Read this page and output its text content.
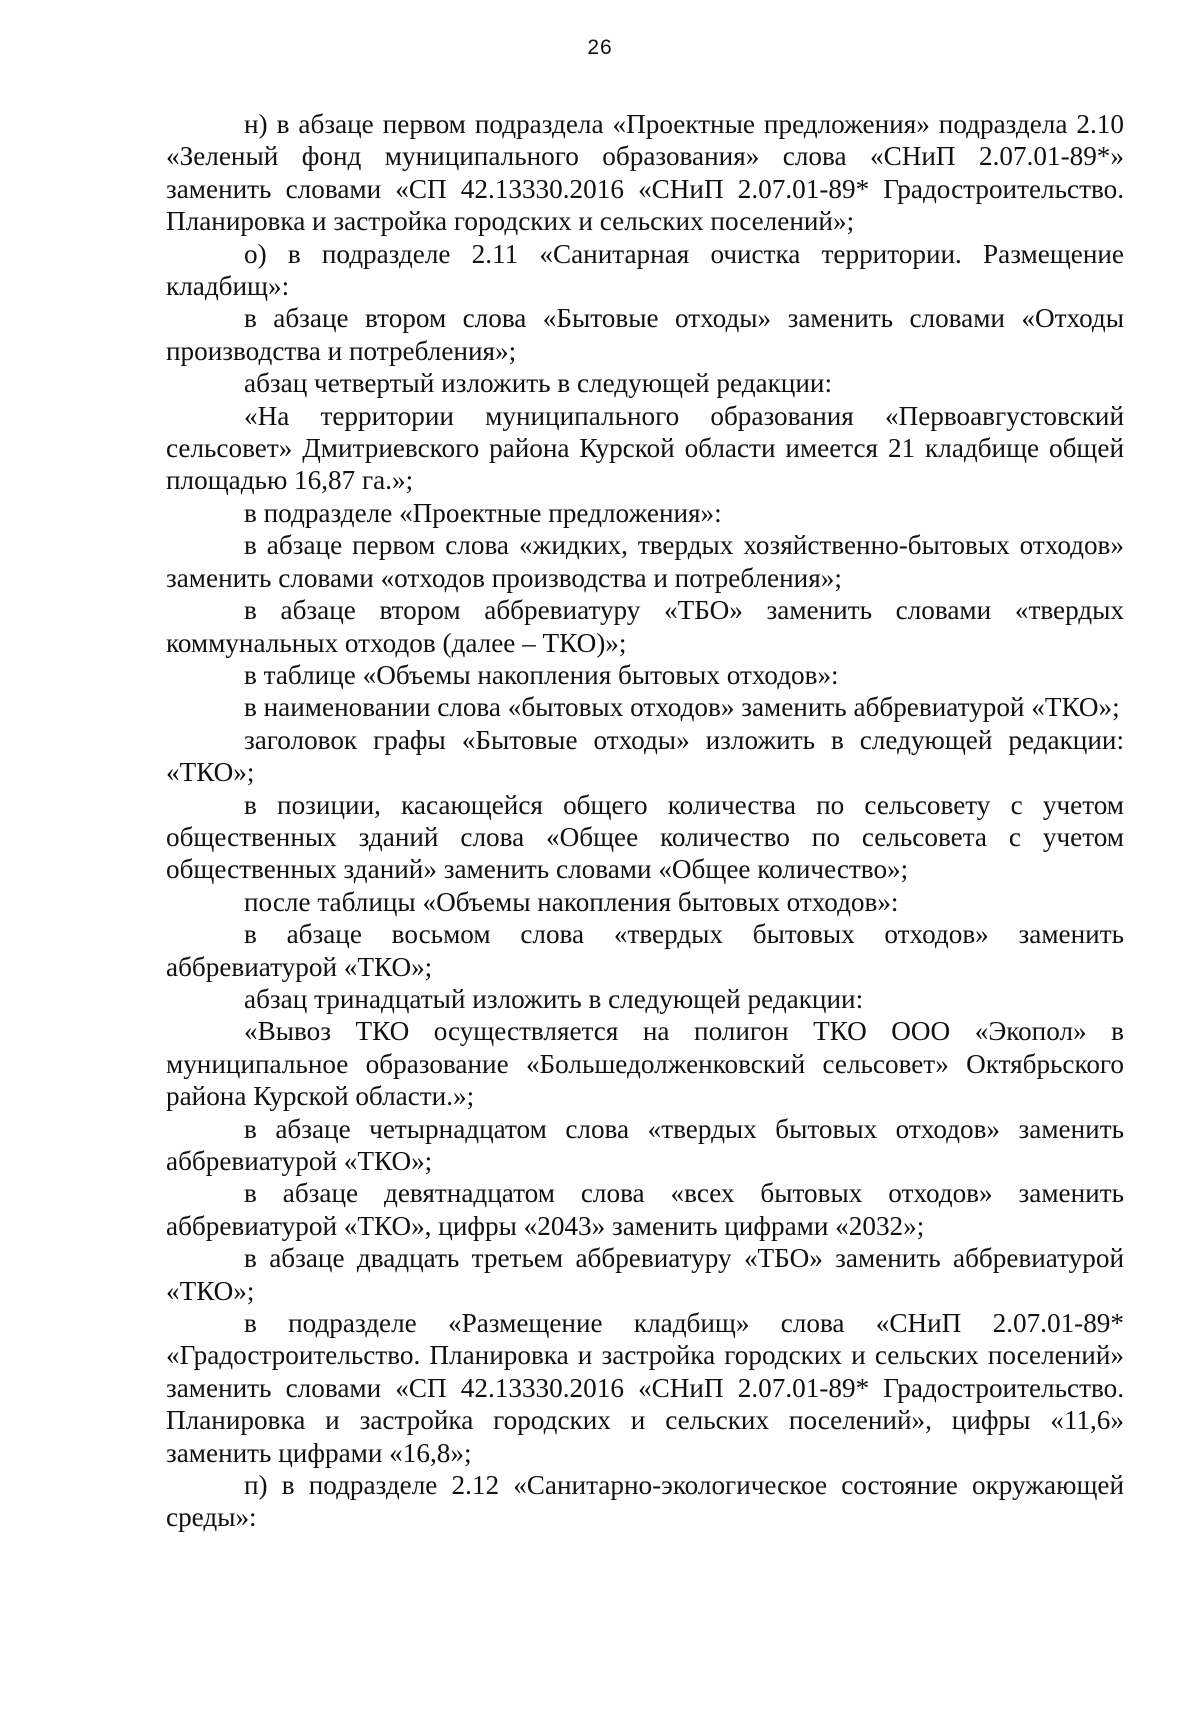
26

н) в абзаце первом подраздела «Проектные предложения» подраздела 2.10 «Зеленый фонд муниципального образования» слова «СНиП 2.07.01-89*» заменить словами «СП 42.13330.2016 «СНиП 2.07.01-89* Градостроительство. Планировка и застройка городских и сельских поселений»;

о) в подразделе 2.11 «Санитарная очистка территории. Размещение кладбищ»:

в абзаце втором слова «Бытовые отходы» заменить словами «Отходы производства и потребления»;

абзац четвертый изложить в следующей редакции:

«На территории муниципального образования «Первоавгустовский сельсовет» Дмитриевского района Курской области имеется 21 кладбище общей площадью 16,87 га.»;

в подразделе «Проектные предложения»:

в абзаце первом слова «жидких, твердых хозяйственно-бытовых отходов» заменить словами «отходов производства и потребления»;

в абзаце втором аббревиатуру «ТБО» заменить словами «твердых коммунальных отходов (далее – ТКО)»;

в таблице «Объемы накопления бытовых отходов»:

в наименовании слова «бытовых отходов» заменить аббревиатурой «ТКО»;

заголовок графы «Бытовые отходы» изложить в следующей редакции: «ТКО»;

в позиции, касающейся общего количества по сельсовету с учетом общественных зданий слова «Общее количество по сельсовета с учетом общественных зданий» заменить словами «Общее количество»;

после таблицы «Объемы накопления бытовых отходов»:

в абзаце восьмом слова «твердых бытовых отходов» заменить аббревиатурой «ТКО»;

абзац тринадцатый изложить в следующей редакции:

«Вывоз ТКО осуществляется на полигон ТКО ООО «Экопол» в муниципальное образование «Большедолженковский сельсовет» Октябрьского района Курской области.»;

в абзаце четырнадцатом слова «твердых бытовых отходов» заменить аббревиатурой «ТКО»;

в абзаце девятнадцатом слова «всех бытовых отходов» заменить аббревиатурой «ТКО», цифры «2043» заменить цифрами «2032»;

в абзаце двадцать третьем аббревиатуру «ТБО» заменить аббревиатурой «ТКО»;

в подразделе «Размещение кладбищ» слова «СНиП 2.07.01-89* «Градостроительство. Планировка и застройка городских и сельских поселений» заменить словами «СП 42.13330.2016 «СНиП 2.07.01-89* Градостроительство. Планировка и застройка городских и сельских поселений», цифры «11,6» заменить цифрами «16,8»;

п) в подразделе 2.12 «Санитарно-экологическое состояние окружающей среды»:
